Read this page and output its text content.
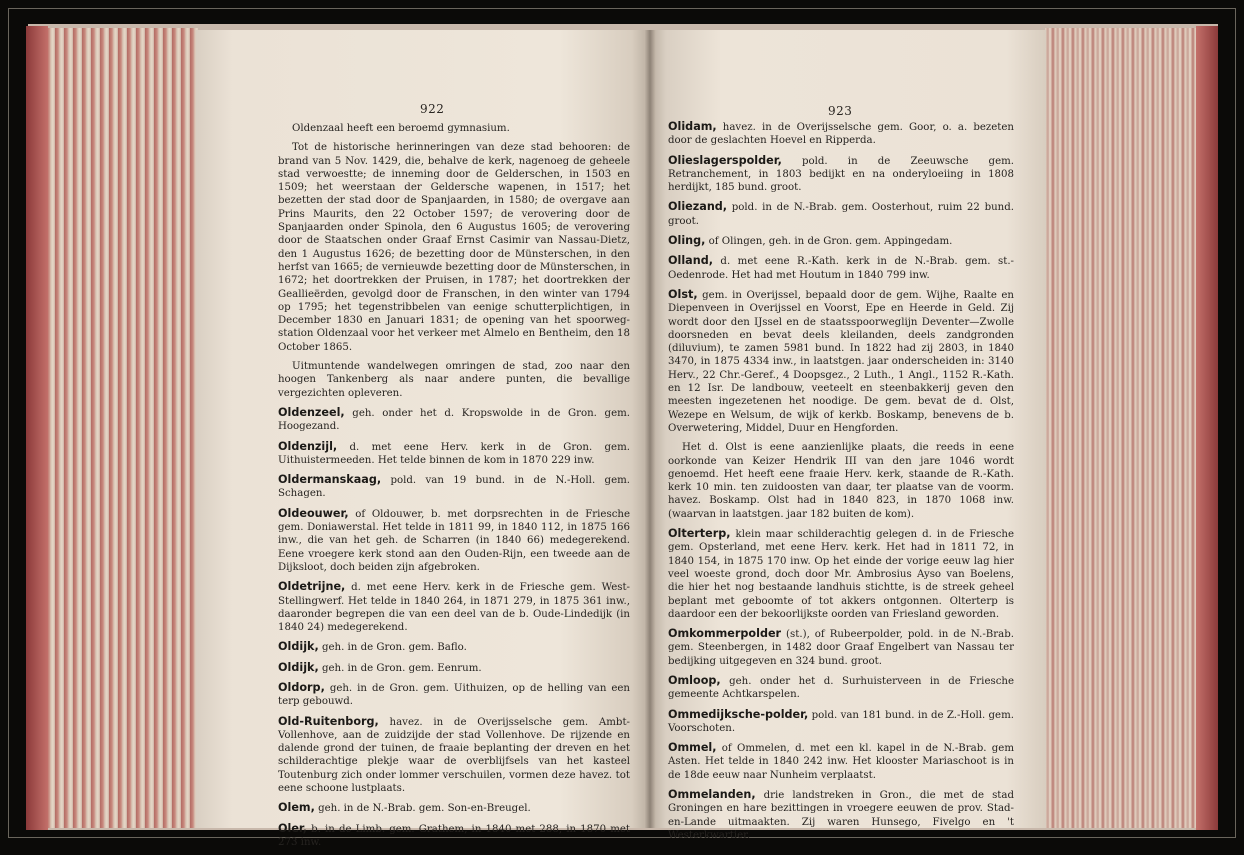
922	923

Oldenzaal heeft een beroemd gymnasium.

Tot de historische herinneringen van deze stad behooren: de brand van 5 Nov. 1429, die, behalve de kerk, nagenoeg de geheele stad verwoestte; de inneming door de Gelderschen, in 1503 en 1509; het weerstaan der Geldersche wapenen, in 1517; het bezetten der stad door de Spanjaarden, in 1580; de overgave aan Prins Maurits, den 22 October 1597; de verovering door de Spanjaarden onder Spinola, den 6 Augustus 1605; de verovering door de Staatschen onder Graaf Ernst Casimir van Nassau-Dietz, den 1 Augustus 1626; de bezetting door de Münsterschen, in den herfst van 1665; de vernieuwde bezetting door de Münsterschen, in 1672; het doortrekken der Pruisen, in 1787; het doortrekken der Geallieërden, gevolgd door de Franschen, in den winter van 1794 op 1795; het tegenstribbelen van eenige schutterplichtigen, in December 1830 en Januari 1831; de opening van het spoorweg-station Oldenzaal voor het verkeer met Almelo en Bentheim, den 18 October 1865.

Uitmuntende wandelwegen omringen de stad, zoo naar den hoogen Tankenberg als naar andere punten, die bevallige vergezichten opleveren.

Oldenzeel, geh. onder het d. Kropswolde in de Gron. gem. Hoogezand.

Oldenzijl, d. met eene Herv. kerk in de Gron. gem. Uithuistermeeden. Het telde binnen de kom in 1870 229 inw.

Oldermanskaag, pold. van 19 bund. in de N.-Holl. gem. Schagen.

Oldeouwer, of Oldouwer, b. met dorpsrechten in de Friesche gem. Doniawerstal. Het telde in 1811 99, in 1840 112, in 1875 166 inw., die van het geh. de Scharren (in 1840 66) medegerekend. Eene vroegere kerk stond aan den Ouden-Rijn, een tweede aan de Dijksloot, doch beiden zijn afgebroken.

Oldetrijne, d. met eene Herv. kerk in de Friesche gem. West-Stellingwerf. Het telde in 1840 264, in 1871 279, in 1875 361 inw., daaronder begrepen die van een deel van de b. Oude-Lindedijk (in 1840 24) medegerekend.

Oldijk, geh. in de Gron. gem. Baflo.

Oldijk, geh. in de Gron. gem. Eenrum.

Oldorp, geh. in de Gron. gem. Uithuizen, op de helling van een terp gebouwd.

Old-Ruitenborg, havez. in de Overijsselsche gem. Ambt-Vollenhove, aan de zuidzijde der stad Vollenhove. De rijzende en dalende grond der tuinen, de fraaie beplanting der dreven en het schilderachtige plekje waar de overblijfsels van het kasteel Toutenburg zich onder lommer verschuilen, vormen deze havez. tot eene schoone lustplaats.

Olem, geh. in de N.-Brab. gem. Son-en-Breugel.

Oler, b. in de Limb. gem. Grathem, in 1840 met 288, in 1870 met 273 inw.

Olidam, havez. in de Overijsselsche gem. Goor, o. a. bezeten door de geslachten Hoevel en Ripperda.

Olieslagerspolder, pold. in de Zeeuwsche gem. Retranchement, in 1803 bedijkt en na onderyloeiing in 1808 herdijkt, 185 bund. groot.

Oliezand, pold. in de N.-Brab. gem. Oosterhout, ruim 22 bund. groot.

Oling, of Olingen, geh. in de Gron. gem. Appingedam.

Olland, d. met eene R.-Kath. kerk in de N.-Brab. gem. st.-Oedenrode. Het had met Houtum in 1840 799 inw.

Olst, gem. in Overijssel, bepaald door de gem. Wijhe, Raalte en Diepenveen in Overijssel en Voorst, Epe en Heerde in Geld. Zij wordt door den IJssel en de staatsspoorweglijn Deventer—Zwolle doorsneden en bevat deels kleilanden, deels zandgronden (diluvium), te zamen 5981 bund. In 1822 had zij 2803, in 1840 3470, in 1875 4334 inw., in laatstgen. jaar onderscheiden in: 3140 Herv., 22 Chr.-Geref., 4 Doopsgez., 2 Luth., 1 Angl., 1152 R.-Kath. en 12 Isr. De landbouw, veeteelt en steenbakkerij geven den meesten ingezetenen het noodige. De gem. bevat de d. Olst, Wezepe en Welsum, de wijk of kerkb. Boskamp, benevens de b. Overwetering, Middel, Duur en Hengforden.

Het d. Olst is eene aanzienlijke plaats, die reeds in eene oorkonde van Keizer Hendrik III van den jare 1046 wordt genoemd. Het heeft eene fraaie Herv. kerk, staande de R.-Kath. kerk 10 min. ten zuidoosten van daar, ter plaatse van de voorm. havez. Boskamp. Olst had in 1840 823, in 1870 1068 inw. (waarvan in laatstgen. jaar 182 buiten de kom).

Olterterp, klein maar schilderachtig gelegen d. in de Friesche gem. Opsterland, met eene Herv. kerk. Het had in 1811 72, in 1840 154, in 1875 170 inw. Op het einde der vorige eeuw lag hier veel woeste grond, doch door Mr. Ambrosius Ayso van Boelens, die hier het nog bestaande landhuis stichtte, is de streek geheel beplant met geboomte of tot akkers ontgonnen. Olterterp is daardoor een der bekoorlijkste oorden van Friesland geworden.

Omkommerpolder (st.), of Rubeerpolder, pold. in de N.-Brab. gem. Steenbergen, in 1482 door Graaf Engelbert van Nassau ter bedijking uitgegeven en 324 bund. groot.

Omloop, geh. onder het d. Surhuisterveen in de Friesche gemeente Achtkarspelen.

Ommedijksche-polder, pold. van 181 bund. in de Z.-Holl. gem. Voorschoten.

Ommel, of Ommelen, d. met een kl. kapel in de N.-Brab. gem Asten. Het telde in 1840 242 inw. Het klooster Mariaschoot is in de 18de eeuw naar Nunheim verplaatst.

Ommelanden, drie landstreken in Gron., die met de stad Groningen en hare bezittingen in vroegere eeuwen de prov. Stad-en-Lande uitmaakten. Zij waren Hunsego, Fivelgo en 't Westerkwartier.
